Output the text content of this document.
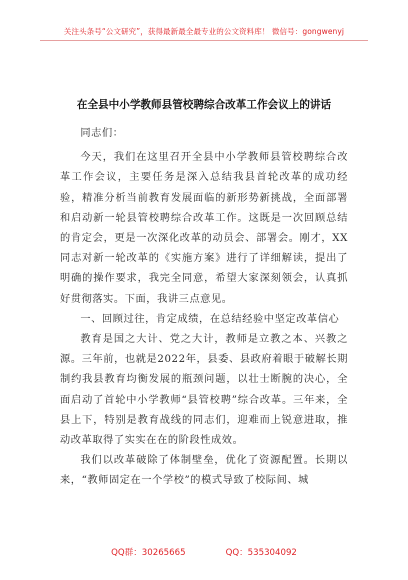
关注头条号“公文研究”，获得最新最全最专业的公文资料库！ 微信号：gongwenyj
在全县中小学教师县管校聘综合改革工作会议上的讲话

同志们：

今天，我们在这里召开全县中小学教师县管校聘综合改革工作会议，主要任务是深入总结我县首轮改革的成功经验，精准分析当前教育发展面临的新形势新挑战，全面部署和启动新一轮县管校聘综合改革工作。这既是一次回顾总结的肯定会，更是一次深化改革的动员会、部署会。刚才，XX同志对新一轮改革的《实施方案》进行了详细解读，提出了明确的操作要求，我完全同意，希望大家深刻领会，认真抓好贯彻落实。下面，我讲三点意见。

一、回顾过往，肯定成绩，在总结经验中坚定改革信心

教育是国之大计、党之大计，教师是立教之本、兴教之源。三年前，也就是2022年，县委、县政府着眼于破解长期制约我县教育均衡发展的瓶颈问题，以壮士断腕的决心，全面启动了首轮中小学教师“县管校聘”综合改革。三年来，全县上下，特别是教育战线的同志们，迎难而上锐意进取，推动改革取得了实实在在的阶段性成效。

我们以改革破除了体制壁垒，优化了资源配置。长期以来，“教师固定在一个学校”的模式导致了校际间、城

QQ群：30265665	QQ：535304092
